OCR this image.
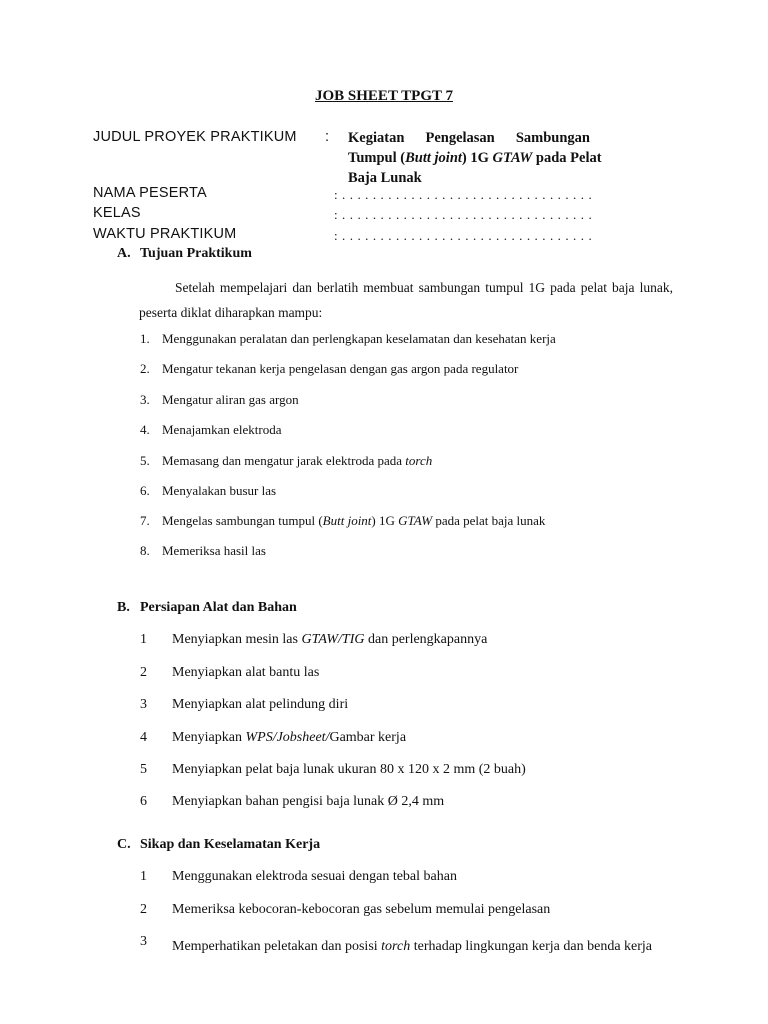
JOB SHEET TPGT 7
JUDUL PROYEK PRAKTIKUM : Kegiatan Pengelasan Sambungan
Tumpul (Butt joint) 1G GTAW pada Pelat
Baja Lunak
NAMA PESERTA	: . . . . . . . . . . . . . . . . . . . . . . . . . . . . . . . . .
KELAS	: . . . . . . . . . . . . . . . . . . . . . . . . . . . . . . . . .
WAKTU PRAKTIKUM	: . . . . . . . . . . . . . . . . . . . . . . . . . . . . . . . . .
A. Tujuan Praktikum
Setelah mempelajari dan berlatih membuat sambungan tumpul 1G pada pelat baja lunak, peserta diklat diharapkan mampu:
1. Menggunakan peralatan dan perlengkapan keselamatan dan kesehatan kerja
2. Mengatur tekanan kerja pengelasan dengan gas argon pada regulator
3. Mengatur aliran gas argon
4. Menajamkan elektroda
5. Memasang dan mengatur jarak elektroda pada torch
6. Menyalakan busur las
7. Mengelas sambungan tumpul (Butt joint) 1G GTAW pada pelat baja lunak
8. Memeriksa hasil las
B. Persiapan Alat dan Bahan
1 Menyiapkan mesin las GTAW/TIG dan perlengkapannya
2 Menyiapkan alat bantu las
3 Menyiapkan alat pelindung diri
4 Menyiapkan WPS/Jobsheet/Gambar kerja
5 Menyiapkan pelat baja lunak ukuran 80 x 120 x 2 mm (2 buah)
6 Menyiapkan bahan pengisi baja lunak Ø 2,4 mm
C. Sikap dan Keselamatan Kerja
1 Menggunakan elektroda sesuai dengan tebal bahan
2 Memeriksa kebocoran-kebocoran gas sebelum memulai pengelasan
3 Memperhatikan peletakan dan posisi torch terhadap lingkungan kerja dan benda kerja
